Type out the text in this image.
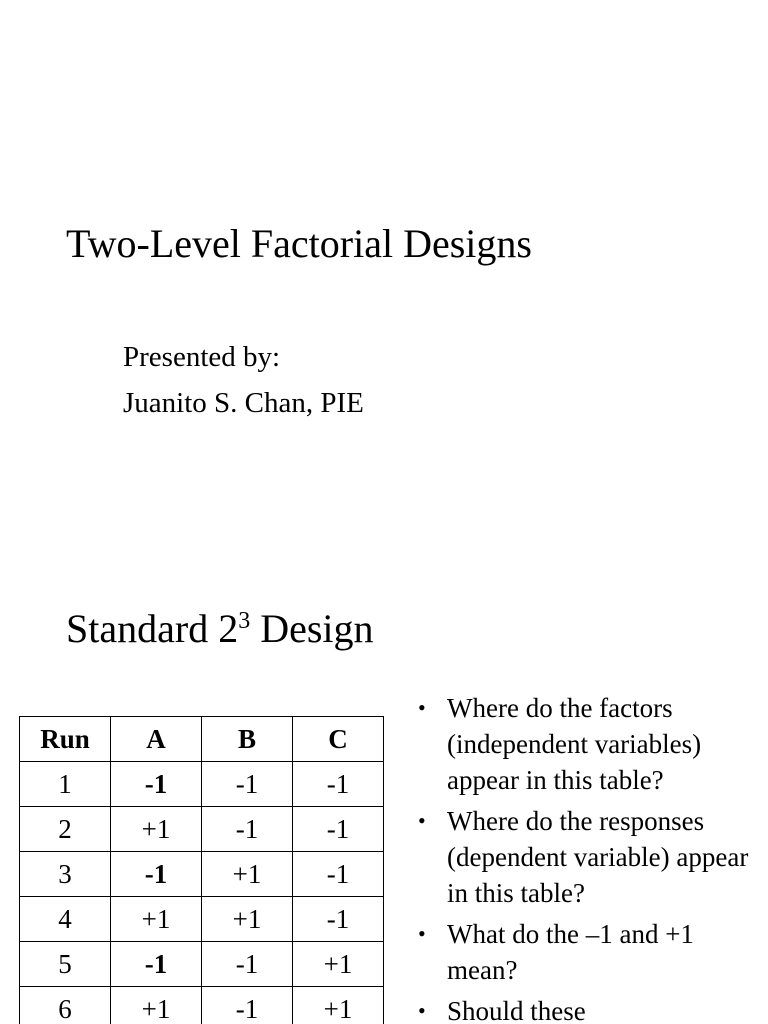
Two-Level Factorial Designs
Presented by:
Juanito S. Chan, PIE
Standard $2^3$ Design
Run	A	B	C
1	-1	-1	-1
2	+1	-1	-1
3	-1	+1	-1
4	+1	+1	-1
5	-1	-1	+1
6	+1	-1	+1
• Where do the factors (independent variables) appear in this table?
• Where do the responses (dependent variable) appear in this table?
• What do the –1 and +1 mean?
• Should these
